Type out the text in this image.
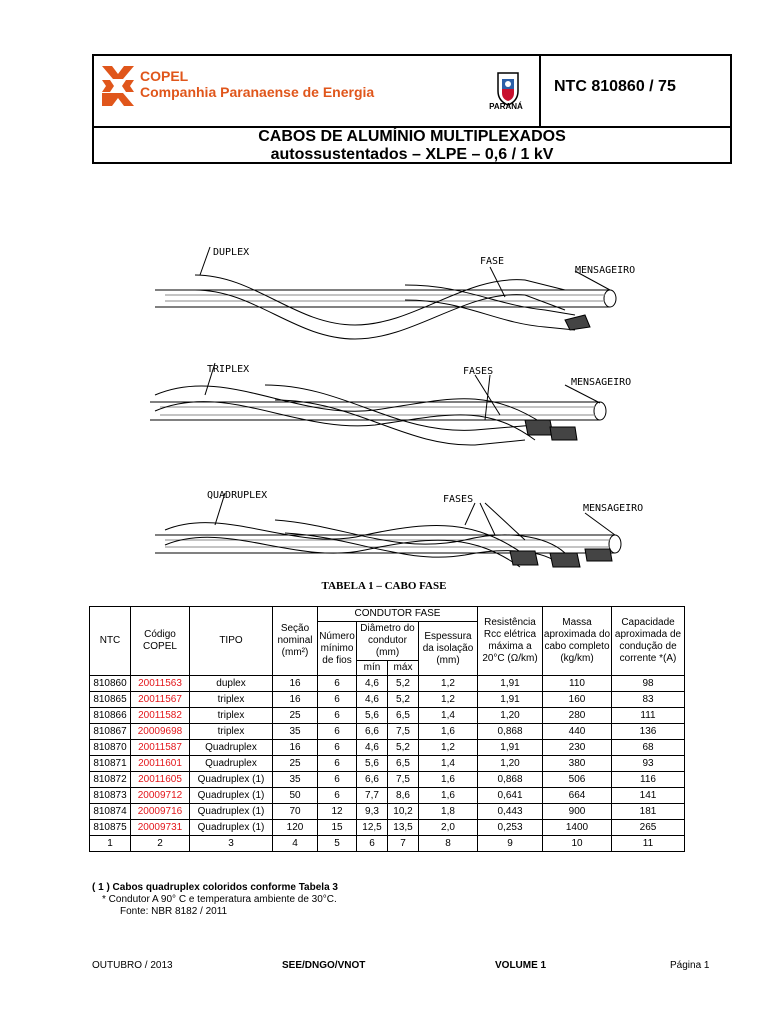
COPEL
Companhia Paranaense de Energia
PARANÁ
NTC 810860 / 75
CABOS DE ALUMÍNIO MULTIPLEXADOS
autossustentados – XLPE – 0,6 / 1 kV
DUPLEX
FASE
MENSAGEIRO
TRIPLEX	FASES
MENSAGEIRO
QUADRUPLEX	FASES
MENSAGEIRO
TABELA 1 – CABO FASE
NTC	Código COPEL	TIPO	Seção nominal (mm²)	CONDUTOR FASE				Resistência Rcc elétrica máxima a 20°C (Ω/km)	Massa aproximada do cabo completo (kg/km)	Capacidade aproximada de condução de corrente *(A)
				Número mínimo de fios	Diâmetro do condutor (mm)		Espessura da isolação (mm)			
					mín	máx				
810860	20011563	duplex	16	6	4,6	5,2	1,2	1,91	110	98
810865	20011567	triplex	16	6	4,6	5,2	1,2	1,91	160	83
810866	20011582	triplex	25	6	5,6	6,5	1,4	1,20	280	111
810867	20009698	triplex	35	6	6,6	7,5	1,6	0,868	440	136
810870	20011587	Quadruplex	16	6	4,6	5,2	1,2	1,91	230	68
810871	20011601	Quadruplex	25	6	5,6	6,5	1,4	1,20	380	93
810872	20011605	Quadruplex (1)	35	6	6,6	7,5	1,6	0,868	506	116
810873	20009712	Quadruplex (1)	50	6	7,7	8,6	1,6	0,641	664	141
810874	20009716	Quadruplex (1)	70	12	9,3	10,2	1,8	0,443	900	181
810875	20009731	Quadruplex (1)	120	15	12,5	13,5	2,0	0,253	1400	265
1	2	3	4	5	6	7	8	9	10	11
( 1 ) Cabos quadruplex coloridos conforme Tabela 3
* Condutor A 90° C e temperatura ambiente de 30°C.
Fonte: NBR 8182 / 2011
OUTUBRO / 2013	SEE/DNGO/VNOT	VOLUME 1	Página 1
